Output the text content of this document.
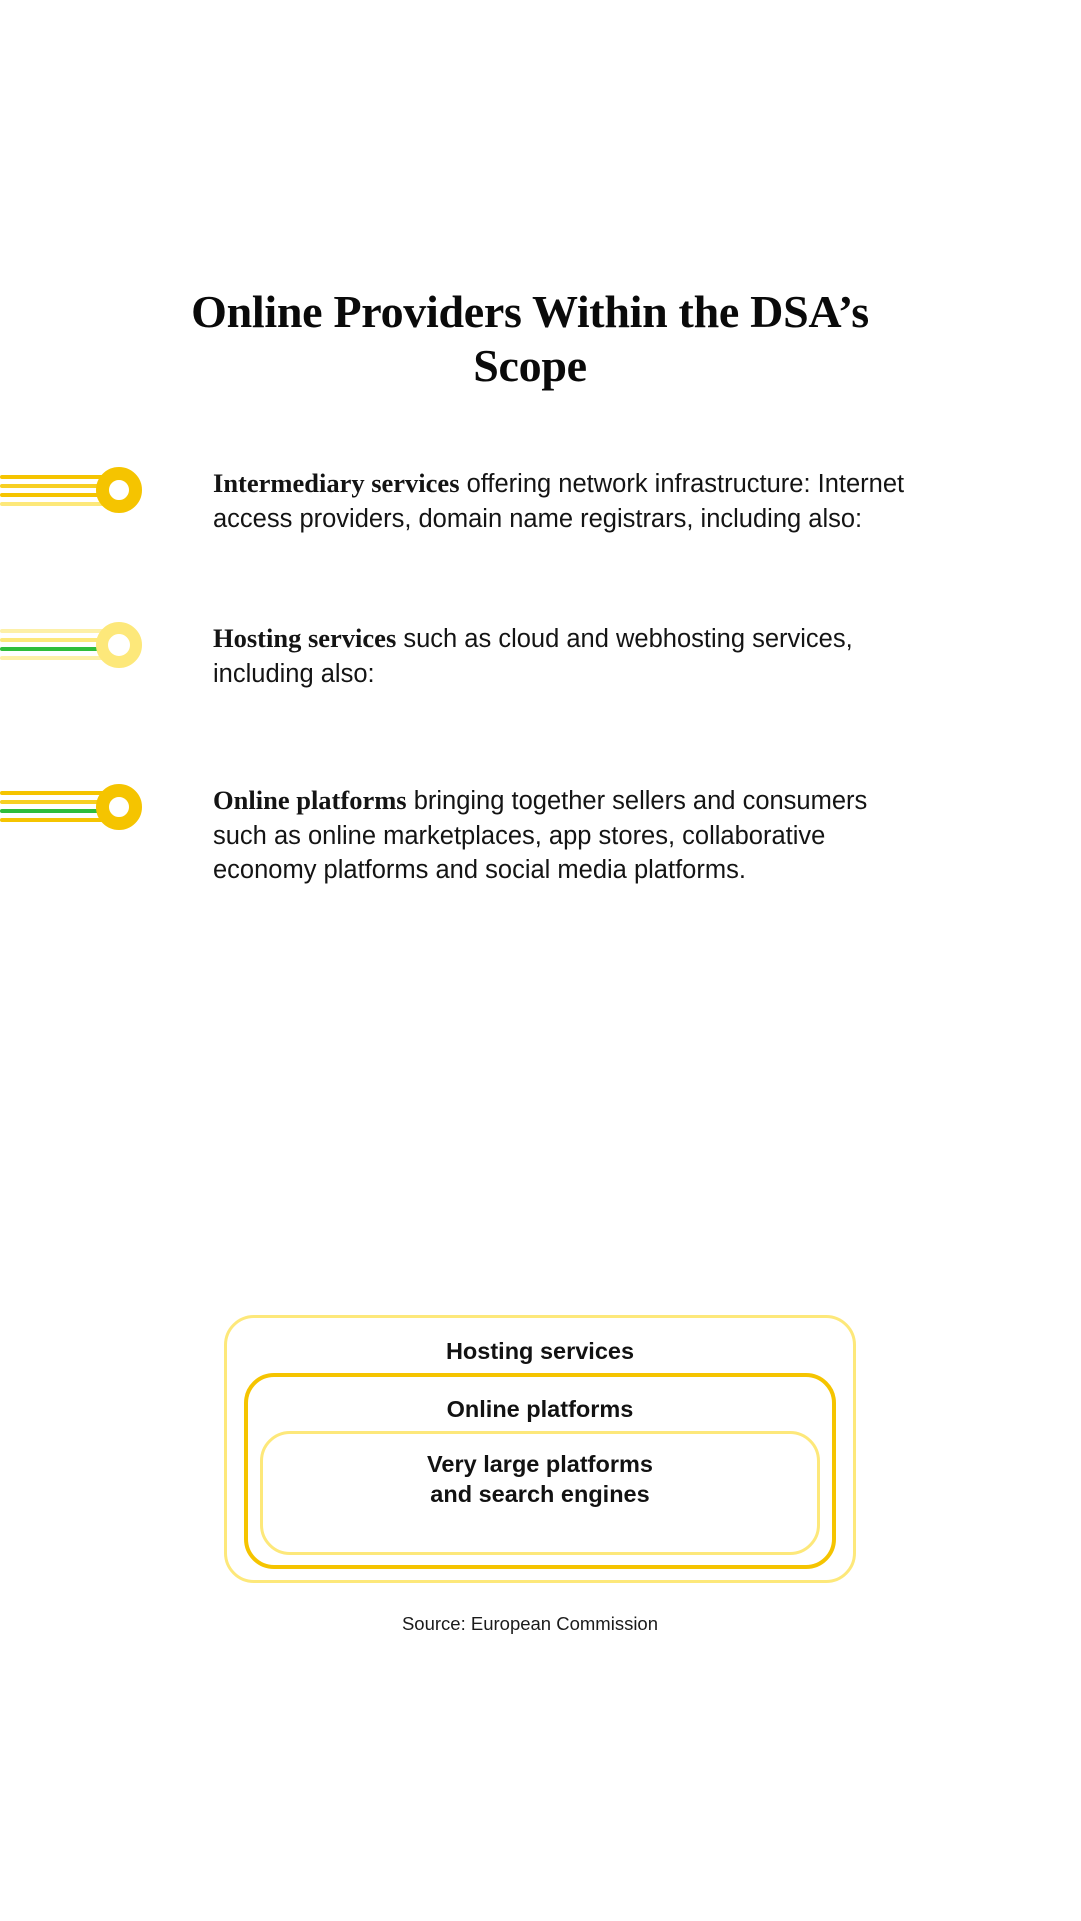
Online Providers Within the DSA’s Scope
Intermediary services offering network infrastructure: Internet access providers, domain name registrars, including also:
Hosting services such as cloud and webhosting services, including also:
Online platforms bringing together sellers and consumers such as online marketplaces, app stores, collaborative economy platforms and social media platforms.
Hosting services
Online platforms
Very large platforms
and search engines
Source: European Commission
